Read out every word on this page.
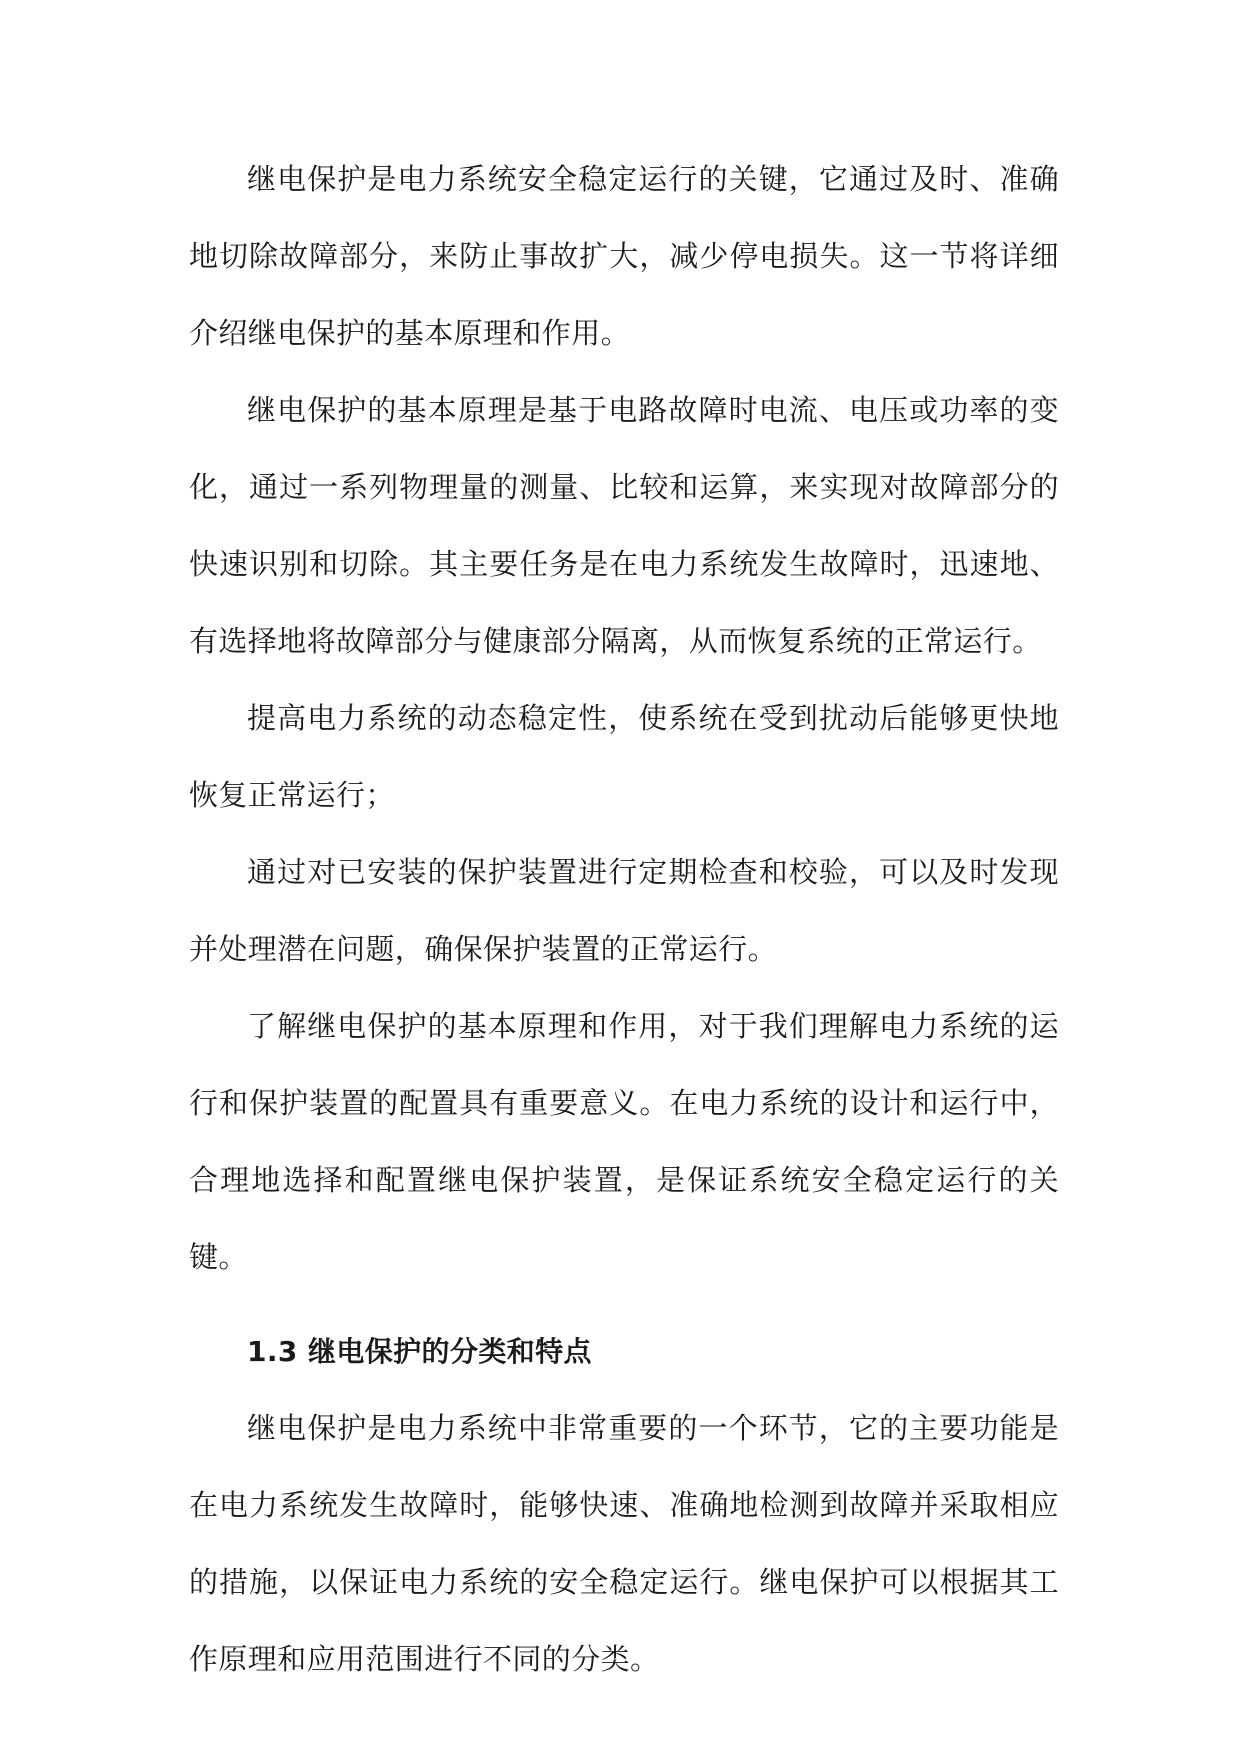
继电保护是电力系统安全稳定运行的关键，它通过及时、准确地切除故障部分，来防止事故扩大，减少停电损失。这一节将详细介绍继电保护的基本原理和作用。

继电保护的基本原理是基于电路故障时电流、电压或功率的变化，通过一系列物理量的测量、比较和运算，来实现对故障部分的快速识别和切除。其主要任务是在电力系统发生故障时，迅速地、有选择地将故障部分与健康部分隔离，从而恢复系统的正常运行。

提高电力系统的动态稳定性，使系统在受到扰动后能够更快地恢复正常运行；

通过对已安装的保护装置进行定期检查和校验，可以及时发现并处理潜在问题，确保保护装置的正常运行。

了解继电保护的基本原理和作用，对于我们理解电力系统的运行和保护装置的配置具有重要意义。在电力系统的设计和运行中，合理地选择和配置继电保护装置，是保证系统安全稳定运行的关键。

1.3 继电保护的分类和特点

继电保护是电力系统中非常重要的一个环节，它的主要功能是在电力系统发生故障时，能够快速、准确地检测到故障并采取相应的措施，以保证电力系统的安全稳定运行。继电保护可以根据其工作原理和应用范围进行不同的分类。
